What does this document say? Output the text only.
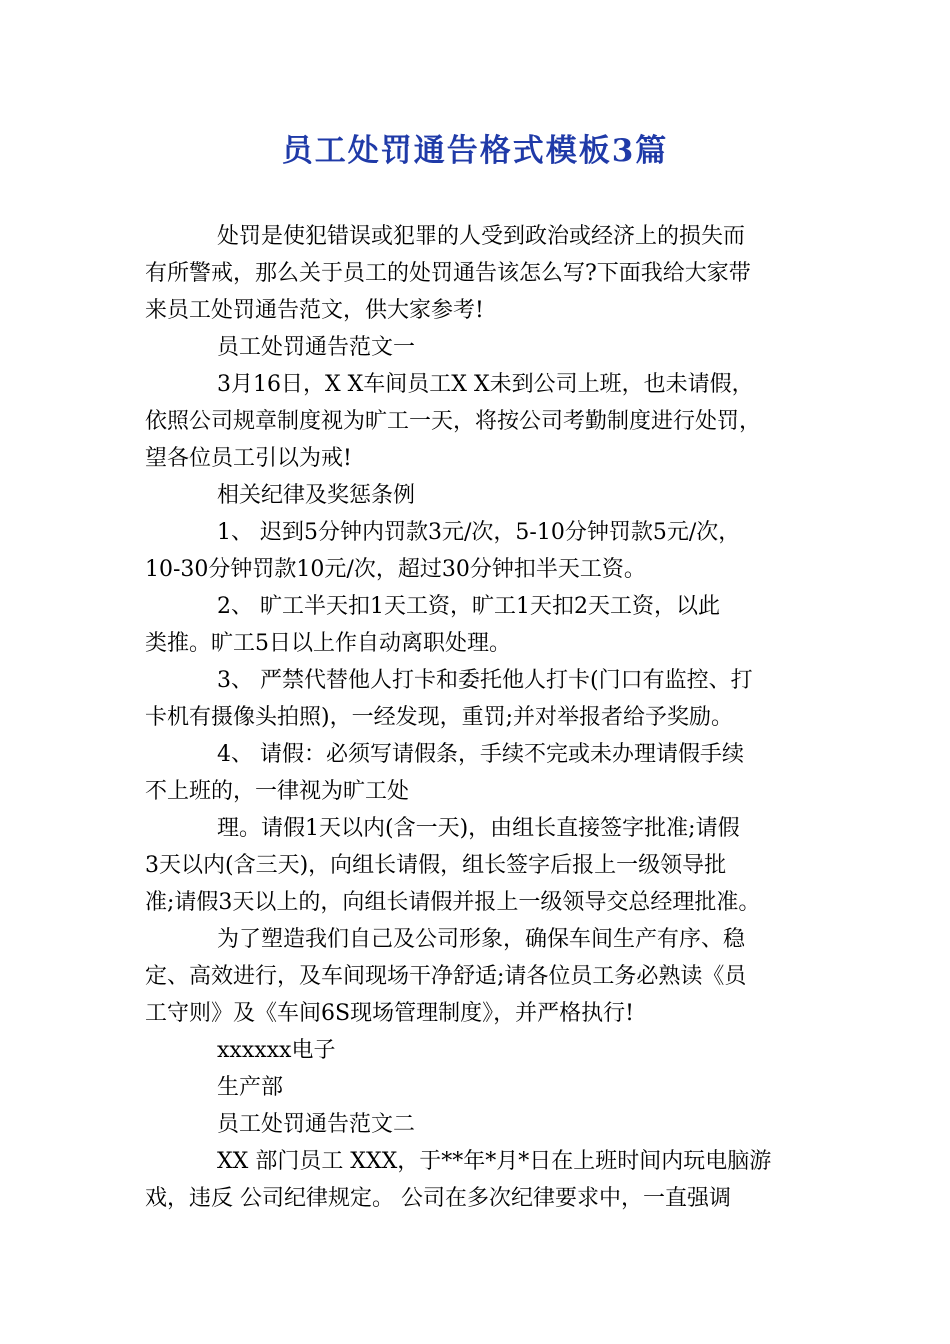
员工处罚通告格式模板3篇
处罚是使犯错误或犯罪的人受到政治或经济上的损失而
有所警戒，那么关于员工的处罚通告该怎么写?下面我给大家带
来员工处罚通告范文，供大家参考!
员工处罚通告范文一
3月16日，X X车间员工X X未到公司上班，也未请假，
依照公司规章制度视为旷工一天，将按公司考勤制度进行处罚，
望各位员工引以为戒!
相关纪律及奖惩条例
1、 迟到5分钟内罚款3元/次，5-10分钟罚款5元/次，
10-30分钟罚款10元/次，超过30分钟扣半天工资。
2、 旷工半天扣1天工资，旷工1天扣2天工资，以此
类推。旷工5日以上作自动离职处理。
3、 严禁代替他人打卡和委托他人打卡(门口有监控、打
卡机有摄像头拍照)，一经发现，重罚;并对举报者给予奖励。
4、 请假：必须写请假条，手续不完或未办理请假手续
不上班的，一律视为旷工处
理。请假1天以内(含一天)，由组长直接签字批准;请假
3天以内(含三天)，向组长请假，组长签字后报上一级领导批
准;请假3天以上的，向组长请假并报上一级领导交总经理批准。
为了塑造我们自己及公司形象，确保车间生产有序、稳
定、高效进行，及车间现场干净舒适;请各位员工务必熟读《员
工守则》及《车间6S现场管理制度》，并严格执行!
xxxxxx电子
生产部
员工处罚通告范文二
XX 部门员工 XXX，于**年*月*日在上班时间内玩电脑游
戏，违反 公司纪律规定。 公司在多次纪律要求中，一直强调
